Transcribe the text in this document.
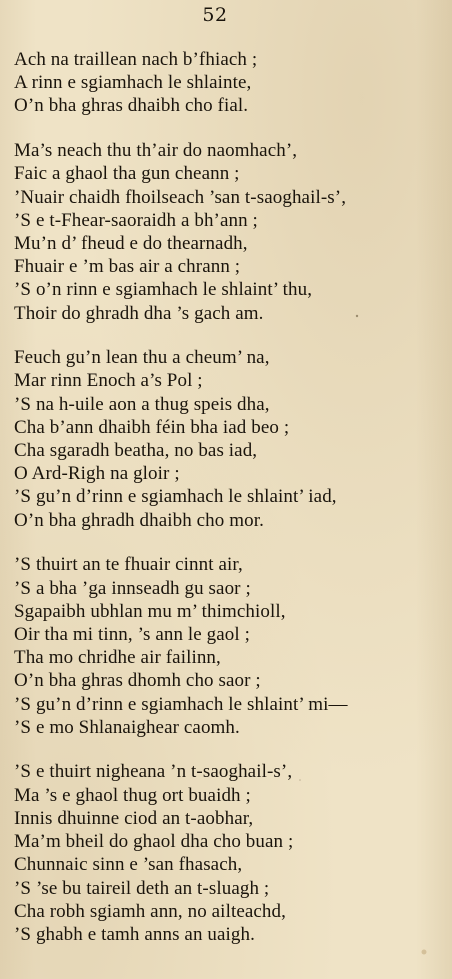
52
Ach na traillean nach b’fhiach ;
A rinn e sgiamhach le shlainte,
O’n bha ghras dhaibh cho fial.
Ma’s neach thu th’air do naomhach’,
Faic a ghaol tha gun cheann ;
’Nuair chaidh fhoilseach ’san t-saoghail-s’,
’S e t-Fhear-saoraidh a bh’ann ;
Mu’n d’ fheud e do thearnadh,
Fhuair e ’m bas air a chrann ;
’S o’n rinn e sgiamhach le shlaint’ thu,
Thoir do ghradh dha ’s gach am.
Feuch gu’n lean thu a cheum’ na,
Mar rinn Enoch a’s Pol ;
’S na h-uile aon a thug speis dha,
Cha b’ann dhaibh féin bha iad beo ;
Cha sgaradh beatha, no bas iad,
O Ard-Righ na gloir ;
’S gu’n d’rinn e sgiamhach le shlaint’ iad,
O’n bha ghradh dhaibh cho mor.
’S thuirt an te fhuair cinnt air,
’S a bha ’ga innseadh gu saor ;
Sgapaibh ubhlan mu m’ thimchioll,
Oir tha mi tinn, ’s ann le gaol ;
Tha mo chridhe air failinn,
O’n bha ghras dhomh cho saor ;
’S gu’n d’rinn e sgiamhach le shlaint’ mi—
’S e mo Shlanaighear caomh.
’S e thuirt nigheana ’n t-saoghail-s’,
Ma ’s e ghaol thug ort buaidh ;
Innis dhuinne ciod an t-aobhar,
Ma’m bheil do ghaol dha cho buan ;
Chunnaic sinn e ’san fhasach,
’S ’se bu taireil deth an t-sluagh ;
Cha robh sgiamh ann, no ailteachd,
’S ghabh e tamh anns an uaigh.
